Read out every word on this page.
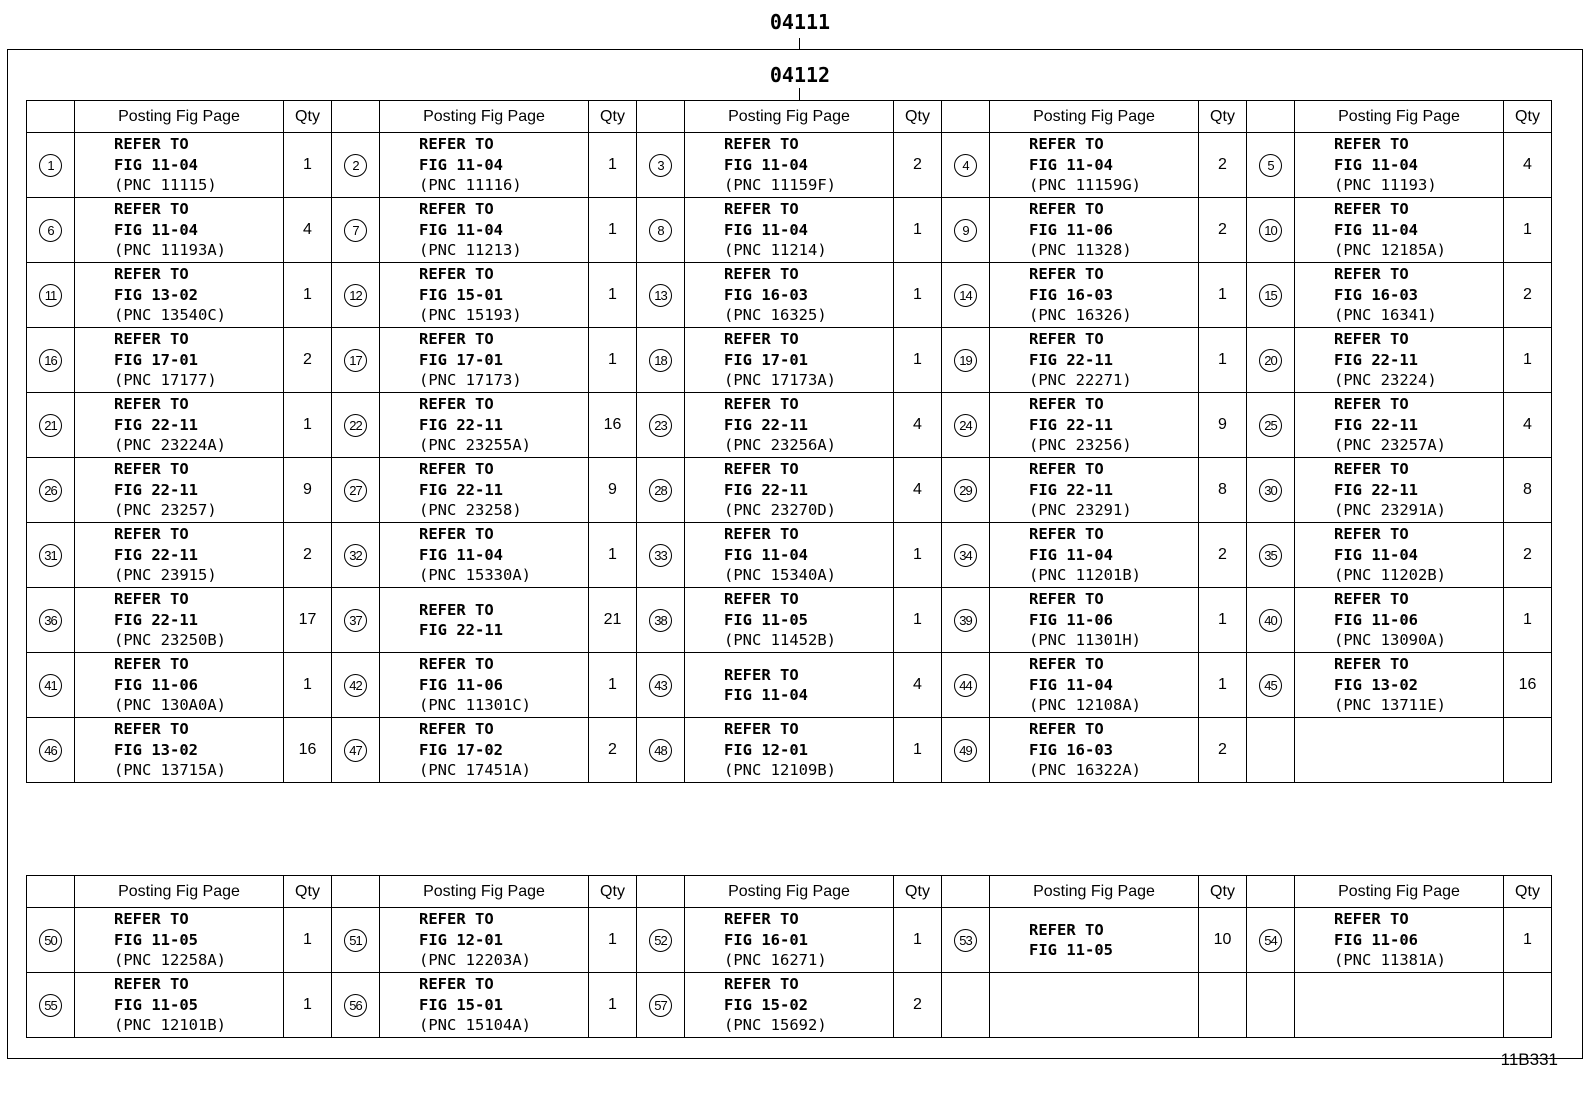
04111
04112
	Posting Fig Page	Qty		Posting Fig Page	Qty		Posting Fig Page	Qty		Posting Fig Page	Qty		Posting Fig Page	Qty
1	REFER TO
FIG 11-04
(PNC 11115)	1	2	REFER TO
FIG 11-04
(PNC 11116)	1	3	REFER TO
FIG 11-04
(PNC 11159F)	2	4	REFER TO
FIG 11-04
(PNC 11159G)	2	5	REFER TO
FIG 11-04
(PNC 11193)	4
6	REFER TO
FIG 11-04
(PNC 11193A)	4	7	REFER TO
FIG 11-04
(PNC 11213)	1	8	REFER TO
FIG 11-04
(PNC 11214)	1	9	REFER TO
FIG 11-06
(PNC 11328)	2	10	REFER TO
FIG 11-04
(PNC 12185A)	1
11	REFER TO
FIG 13-02
(PNC 13540C)	1	12	REFER TO
FIG 15-01
(PNC 15193)	1	13	REFER TO
FIG 16-03
(PNC 16325)	1	14	REFER TO
FIG 16-03
(PNC 16326)	1	15	REFER TO
FIG 16-03
(PNC 16341)	2
16	REFER TO
FIG 17-01
(PNC 17177)	2	17	REFER TO
FIG 17-01
(PNC 17173)	1	18	REFER TO
FIG 17-01
(PNC 17173A)	1	19	REFER TO
FIG 22-11
(PNC 22271)	1	20	REFER TO
FIG 22-11
(PNC 23224)	1
21	REFER TO
FIG 22-11
(PNC 23224A)	1	22	REFER TO
FIG 22-11
(PNC 23255A)	16	23	REFER TO
FIG 22-11
(PNC 23256A)	4	24	REFER TO
FIG 22-11
(PNC 23256)	9	25	REFER TO
FIG 22-11
(PNC 23257A)	4
26	REFER TO
FIG 22-11
(PNC 23257)	9	27	REFER TO
FIG 22-11
(PNC 23258)	9	28	REFER TO
FIG 22-11
(PNC 23270D)	4	29	REFER TO
FIG 22-11
(PNC 23291)	8	30	REFER TO
FIG 22-11
(PNC 23291A)	8
31	REFER TO
FIG 22-11
(PNC 23915)	2	32	REFER TO
FIG 11-04
(PNC 15330A)	1	33	REFER TO
FIG 11-04
(PNC 15340A)	1	34	REFER TO
FIG 11-04
(PNC 11201B)	2	35	REFER TO
FIG 11-04
(PNC 11202B)	2
36	REFER TO
FIG 22-11
(PNC 23250B)	17	37	REFER TO
FIG 22-11	21	38	REFER TO
FIG 11-05
(PNC 11452B)	1	39	REFER TO
FIG 11-06
(PNC 11301H)	1	40	REFER TO
FIG 11-06
(PNC 13090A)	1
41	REFER TO
FIG 11-06
(PNC 130A0A)	1	42	REFER TO
FIG 11-06
(PNC 11301C)	1	43	REFER TO
FIG 11-04	4	44	REFER TO
FIG 11-04
(PNC 12108A)	1	45	REFER TO
FIG 13-02
(PNC 13711E)	16
46	REFER TO
FIG 13-02
(PNC 13715A)	16	47	REFER TO
FIG 17-02
(PNC 17451A)	2	48	REFER TO
FIG 12-01
(PNC 12109B)	1	49	REFER TO
FIG 16-03
(PNC 16322A)	2			
	Posting Fig Page	Qty		Posting Fig Page	Qty		Posting Fig Page	Qty		Posting Fig Page	Qty		Posting Fig Page	Qty
50	REFER TO
FIG 11-05
(PNC 12258A)	1	51	REFER TO
FIG 12-01
(PNC 12203A)	1	52	REFER TO
FIG 16-01
(PNC 16271)	1	53	REFER TO
FIG 11-05	10	54	REFER TO
FIG 11-06
(PNC 11381A)	1
55	REFER TO
FIG 11-05
(PNC 12101B)	1	56	REFER TO
FIG 15-01
(PNC 15104A)	1	57	REFER TO
FIG 15-02
(PNC 15692)	2						
11B331
